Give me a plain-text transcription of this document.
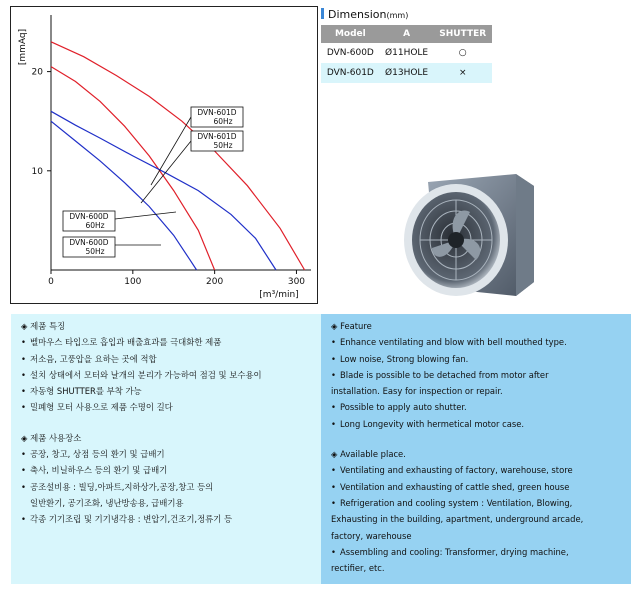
0	100	200	300
20
10
[mmAq]
[m³/min]
DVN-601D
60Hz
DVN-601D
50Hz
DVN-600D
60Hz
DVN-600D
50Hz
Dimension(mm)
Model	A	SHUTTER
DVN-600D	Ø11HOLE	○
DVN-601D	Ø13HOLE	×
◈ 제품 특징
• 벨마우스 타입으로 흡입과 배출효과를 극대화한 제품
• 저소음, 고풍압을 요하는 곳에 적합
• 설치 상태에서 모터와 날개의 분리가 가능하여 점검 및 보수용이
• 자동형 SHUTTER를 부착 가능
• 밀폐형 모터 사용으로 제품 수명이 길다
◈ 제품 사용장소
• 공장, 창고, 상점 등의 환기 및 급배기
• 축사, 비닐하우스 등의 환기 및 급배기
• 공조설비용 : 빌딩,아파트,지하상가,공장,창고 등의
일반환기, 공기조화, 냉난방송용, 급배기용
• 각종 기기조립 및 기기냉각용 : 변압기,건조기,정류기 등
◈ Feature
• Enhance ventilating and blow with bell mouthed type.
• Low noise, Strong blowing fan.
• Blade is possible to be detached from motor after
installation. Easy for inspection or repair.
• Possible to apply auto shutter.
• Long Longevity with hermetical motor case.
◈ Available place.
• Ventilating and exhausting of factory, warehouse, store
• Ventilation and exhausting of cattle shed, green house
• Refrigeration and cooling system : Ventilation, Blowing,
Exhausting in the building, apartment, underground arcade,
factory, warehouse
• Assembling and cooling: Transformer, drying machine,
rectifier, etc.
